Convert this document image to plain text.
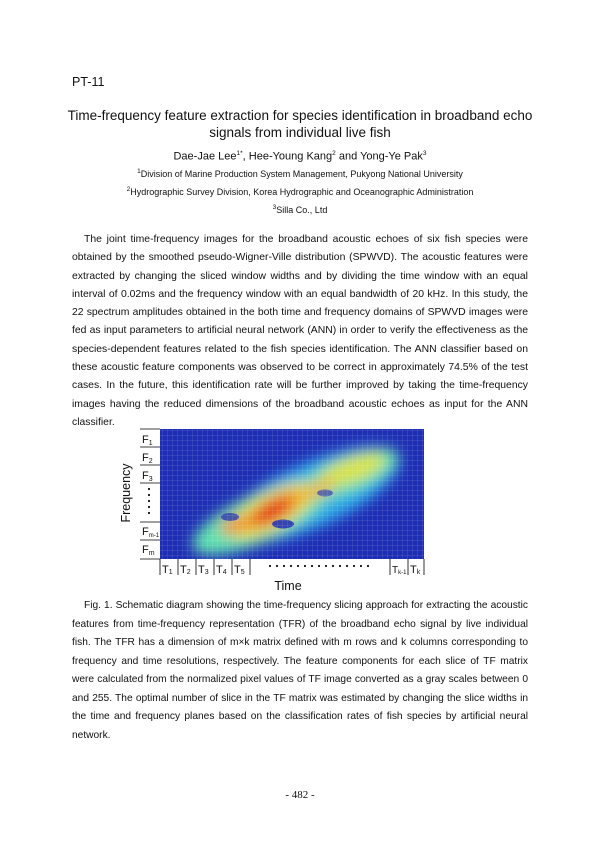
PT-11
Time-frequency feature extraction for species identification in broadband echo signals from individual live fish
Dae-Jae Lee$^{1*}$, Hee-Young Kang$^2$ and Yong-Ye Pak$^3$
$^1$Division of Marine Production System Management, Pukyong National University
$^2$Hydrographic Survey Division, Korea Hydrographic and Oceanographic Administration
$^3$Silla Co., Ltd
The joint time-frequency images for the broadband acoustic echoes of six fish species were obtained by the smoothed pseudo-Wigner-Ville distribution (SPWVD). The acoustic features were extracted by changing the sliced window widths and by dividing the time window with an equal interval of 0.02ms and the frequency window with an equal bandwidth of 20 kHz. In this study, the 22 spectrum amplitudes obtained in the both time and frequency domains of SPWVD images were fed as input parameters to artificial neural network (ANN) in order to verify the effectiveness as the species-dependent features related to the fish species identification. The ANN classifier based on these acoustic feature components was observed to be correct in approximately 74.5% of the test cases. In the future, this identification rate will be further improved by taking the time-frequency images having the reduced dimensions of the broadband acoustic echoes as input for the ANN classifier.
F1
F2
F3
Fm-1
Fm
T1 T2 T3 T4 T5	Tk-1 Tk
Frequency
Time
Fig. 1. Schematic diagram showing the time-frequency slicing approach for extracting the acoustic features from time-frequency representation (TFR) of the broadband echo signal by live individual fish. The TFR has a dimension of m×k matrix defined with m rows and k columns corresponding to frequency and time resolutions, respectively. The feature components for each slice of TF matrix were calculated from the normalized pixel values of TF image converted as a gray scales between 0 and 255. The optimal number of slice in the TF matrix was estimated by changing the slice widths in the time and frequency planes based on the classification rates of fish species by artificial neural network.
- 482 -
